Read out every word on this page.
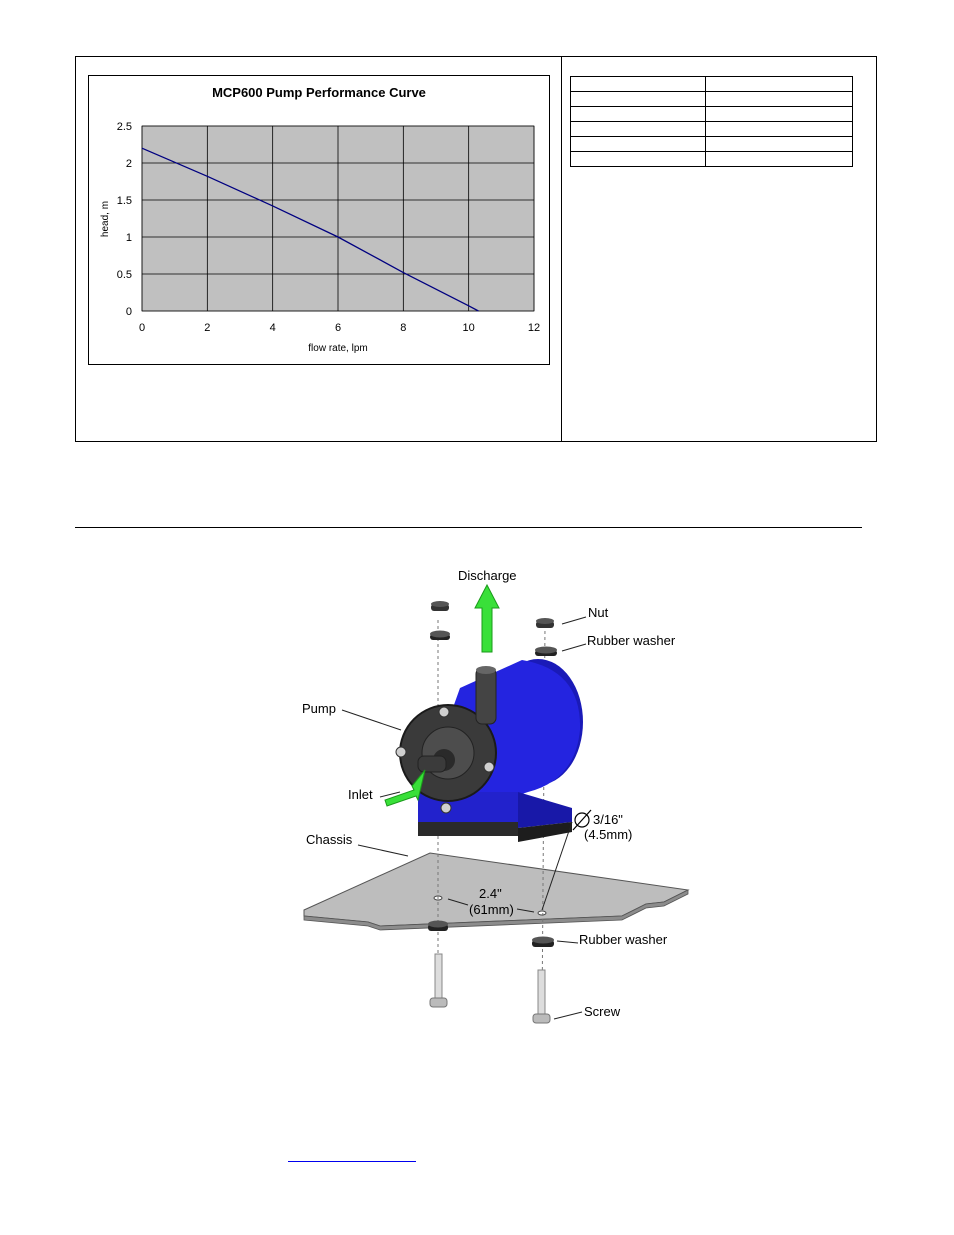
MCP600 Pump Performance Curve
0	2	4	6	8	10	12
0
0.5
1
1.5
2
2.5
flow rate, lpm
head, m

Discharge
Nut
Rubber washer
Pump
Inlet
3/16"
(4.5mm)
Chassis
2.4"
(61mm)
Rubber washer
Screw
